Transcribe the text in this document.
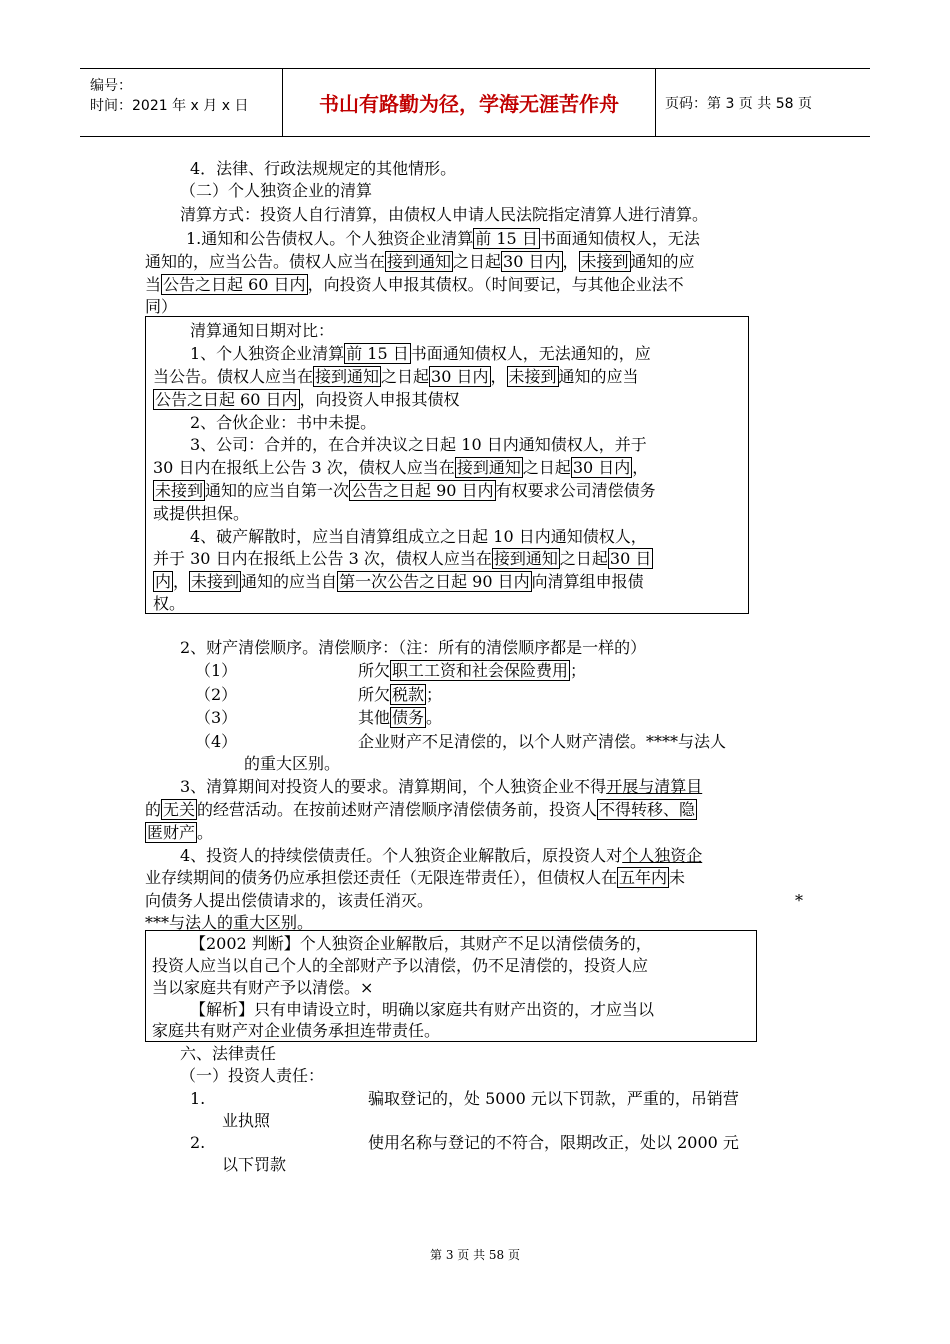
编号：
时间：2021 年 x 月 x 日	书山有路勤为径，学海无涯苦作舟	页码：第 3 页 共 58 页
4．法律、行政法规规定的其他情形。
（二）个人独资企业的清算
清算方式：投资人自行清算，由债权人申请人民法院指定清算人进行清算。
1.通知和公告债权人。个人独资企业清算 前 15 日 书面通知债权人，无法
通知的，应当公告。债权人应当在 接到通知 之日起 30 日内 ， 未接到 通知的应
当 公告之日起 60 日内 ，向投资人申报其债权。（时间要记，与其他企业法不
同）
清算通知日期对比：
1、个人独资企业清算 前 15 日 书面通知债权人，无法通知的，应
当公告。债权人应当在 接到通知 之日起 30 日内 ， 未接到 通知的应当
公告之日起 60 日内 ，向投资人申报其债权
2、合伙企业：书中未提。
3、公司：合并的，在合并决议之日起 10 日内通知债权人，并于
30 日内在报纸上公告 3 次，债权人应当在 接到通知 之日起 30 日内 ，
未接到 通知的应当自第一次 公告之日起 90 日内 有权要求公司清偿债务
或提供担保。
4、破产解散时，应当自清算组成立之日起 10 日内通知债权人，
并于 30 日内在报纸上公告 3 次，债权人应当在 接到通知 之日起 30 日
内 ， 未接到 通知的应当自 第一次公告之日起 90 日内 向清算组申报债
权。
2、财产清偿顺序。清偿顺序：（注：所有的清偿顺序都是一样的）
（1）	所欠 职工工资和社会保险费用 ；
（2）	所欠 税款 ；
（3）	其他 债务 。
（4）	企业财产不足清偿的，以个人财产清偿。****与法人
的重大区别。
3、清算期间对投资人的要求。清算期间，个人独资企业不得开展与清算目
的 无关 的经营活动。在按前述财产清偿顺序清偿债务前，投资人 不得转移、隐
匿财产 。
4、投资人的持续偿债责任。个人独资企业解散后，原投资人对个人独资企
业存续期间的债务仍应承担偿还责任（无限连带责任），但债权人在 五年内 未
向债务人提出偿债请求的，该责任消灭。	*
***与法人的重大区别。
【2002 判断】个人独资企业解散后，其财产不足以清偿债务的，
投资人应当以自己个人的全部财产予以清偿，仍不足清偿的，投资人应
当以家庭共有财产予以清偿。×
【解析】只有申请设立时，明确以家庭共有财产出资的，才应当以
家庭共有财产对企业债务承担连带责任。
六、法律责任
（一）投资人责任：
1.	骗取登记的，处 5000 元以下罚款，严重的，吊销营
业执照
2.	使用名称与登记的不符合，限期改正，处以 2000 元
以下罚款
第 3 页 共 58 页
